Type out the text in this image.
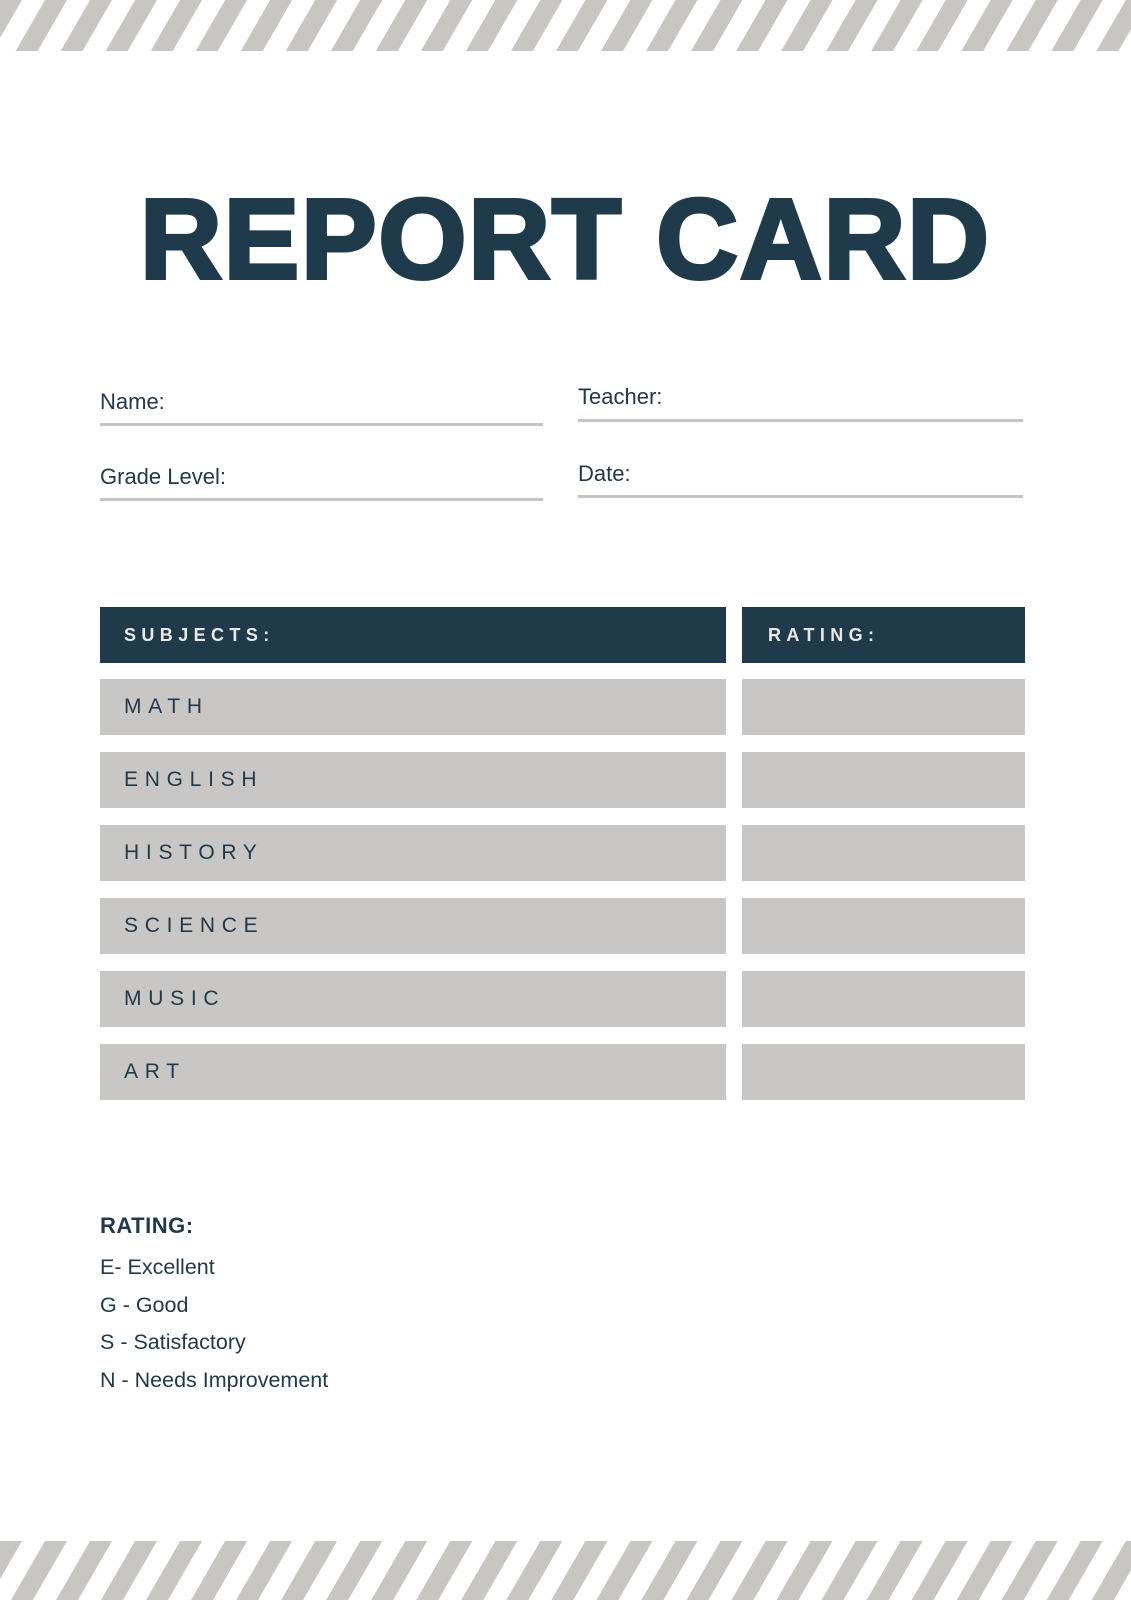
REPORT CARD
Name:	Teacher:
Grade Level:	Date:
SUBJECTS:	RATING:
MATH
ENGLISH
HISTORY
SCIENCE
MUSIC
ART
RATING:
E- Excellent
G - Good
S - Satisfactory
N - Needs Improvement
